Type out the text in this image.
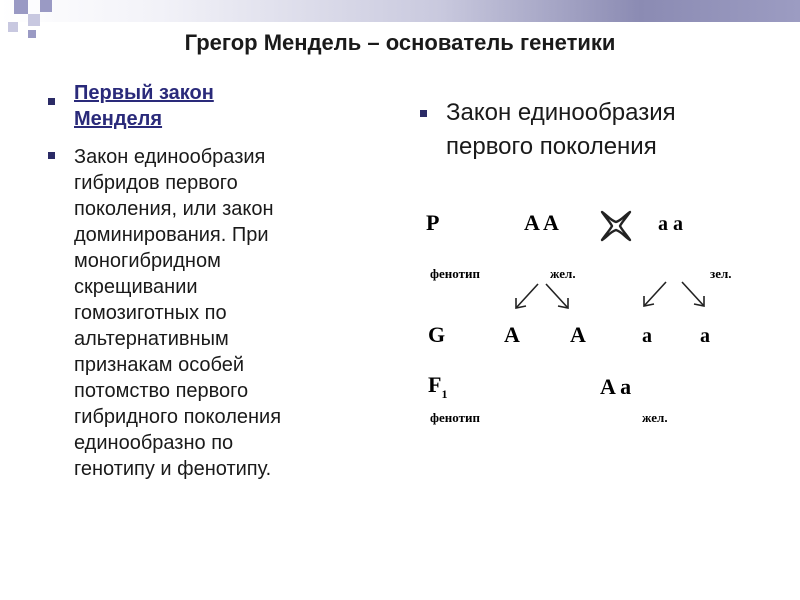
Грегор Мендель – основатель генетики
Первый закон
Менделя
Закон единообразия
гибридов первого
поколения, или закон
доминирования. При
моногибридном
скрещивании
гомозиготных по
альтернативным
признакам особей
потомство первого
гибридного поколения
единообразно по
генотипу и фенотипу.
Закон единообразия
первого поколения
P	A A	a a
фенотип	жел.	зел.
G	A A	a a
$F_1$	A a
фенотип	жел.
